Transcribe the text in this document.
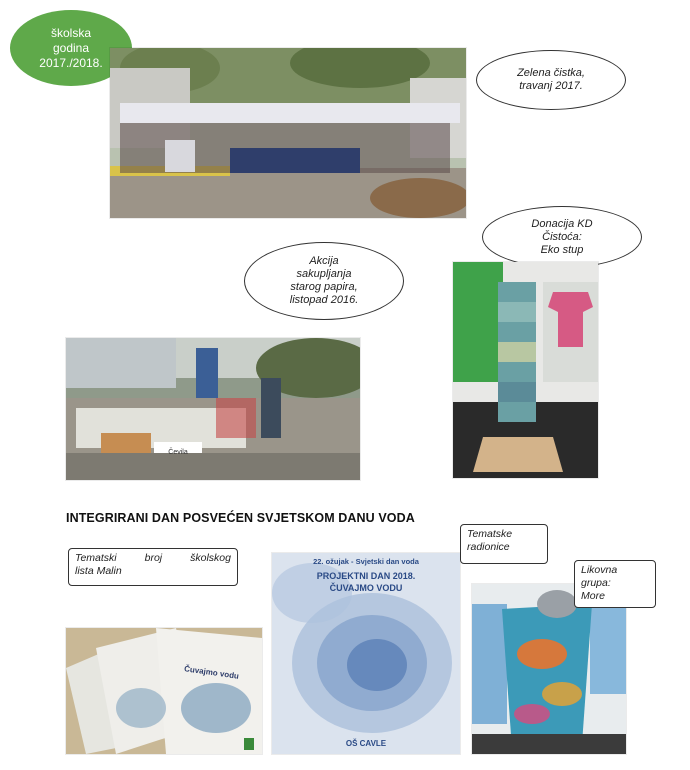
školska
godina
2017./2018.
Zelena čistka,
travanj 2017.
Donacija KD
Čistoća:
Eko stup
Akcija
sakupljanja
starog papira,
listopad 2016.
Čevila
INTEGRIRANI DAN POSVEĆEN SVJETSKOM DANU VODA
Tematski	broj	školskog
lista Malin
Tematske
radionice
Čuvajmo vodu
22. ožujak - Svjetski dan voda
PROJEKTNI DAN 2018.
ČUVAJMO VODU
OŠ CAVLE
Likovna
grupa:
More
